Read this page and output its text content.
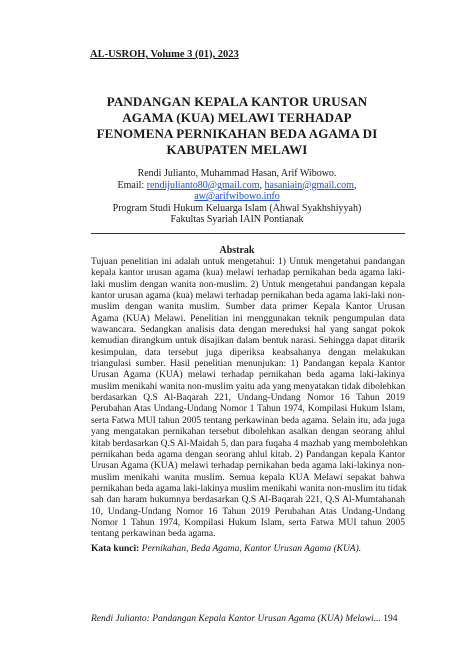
AL-USROH, Volume 3 (01), 2023
PANDANGAN KEPALA KANTOR URUSAN
AGAMA (KUA) MELAWI TERHADAP
FENOMENA PERNIKAHAN BEDA AGAMA DI
KABUPATEN MELAWI
Rendi Julianto, Muhammad Hasan, Arif Wibowo.
Email: rendijulianto80@gmail.com, hasaniain@gmail.com,
aw@arifwibowo.info
Program Studi Hukum Keluarga Islam (Ahwal Syakhshiyyah)
Fakultas Syariah IAIN Pontianak
Abstrak
Tujuan penelitian ini adalah untuk mengetahui: 1) Untuk mengetahui pandangan
kepala kantor urusan agama (kua) melawi terhadap pernikahan beda agama laki-
laki muslim dengan wanita non-muslim. 2) Untuk mengetahui pandangan kepala
kantor urusan agama (kua) melawi terhadap pernikahan beda agama laki-laki non-
muslim dengan wanita muslim. Sumber data primer Kepala Kantor Urusan
Agama (KUA) Melawi. Penelitian ini menggunakan teknik pengumpulan data
wawancara. Sedangkan analisis data dengan mereduksi hal yang sangat pokok
kemudian dirangkum untuk disajikan dalam bentuk narasi. Sehingga dapat ditarik
kesimpulan, data tersebut juga diperiksa keabsahanya dengan melakukan
triangulasi sumber. Hasil penelitian menunjukan: 1) Pandangan kepala Kantor
Urusan Agama (KUA) melawi terhadap pernikahan beda agama laki-lakinya
muslim menikahi wanita non-muslim yaitu ada yang menyatakan tidak dibolehkan
berdasarkan Q.S Al-Baqarah 221, Undang-Undang Nomor 16 Tahun 2019
Perubahan Atas Undang-Undang Nomor 1 Tahun 1974, Kompilasi Hukum Islam,
serta Fatwa MUI tahun 2005 tentang perkawinan beda agama. Selain itu, ada juga
yang mengatakan pernikahan tersebut dibolehkan asalkan dengan seorang ahlul
kitab berdasarkan Q.S Al-Maidah 5, dan para fuqaha 4 mazhab yang membolehkan
pernikahan beda agama dengan seorang ahlul kitab. 2) Pandangan kepala Kantor
Urusan Agama (KUA) melawi terhadap pernikahan beda agama laki-lakinya non-
muslim menikahi wanita muslim. Semua kepala KUA Melawi sepakat bahwa
pernikahan beda agama laki-lakinya muslim menikahi wanita non-muslim itu tidak
sah dan haram hukumnya berdasarkan Q.S Al-Baqarah 221, Q.S Al-Mumtahanah
10, Undang-Undang Nomor 16 Tahun 2019 Perubahan Atas Undang-Undang
Nomor 1 Tahun 1974, Kompilasi Hukum Islam, serta Fatwa MUI tahun 2005
tentang perkawinan beda agama.
Kata kunci: Pernikahan, Beda Agama, Kantor Urusan Agama (KUA).
Rendi Julianto: Pandangan Kepala Kantor Urusan Agama (KUA) Melawi... 194
